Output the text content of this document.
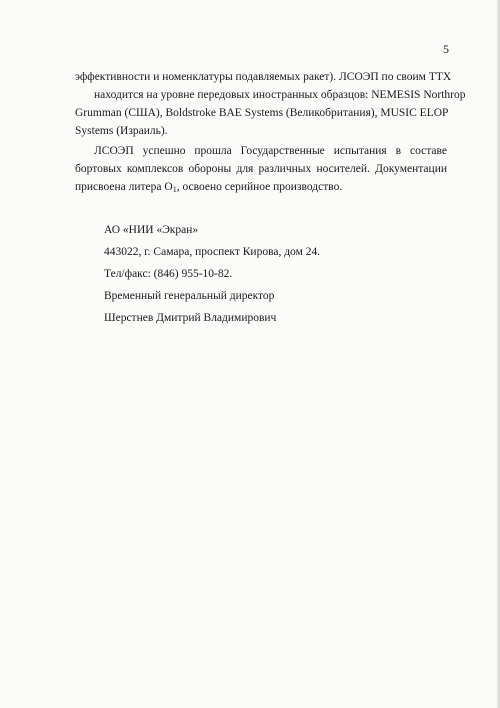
5
эффективности и номенклатуры подавляемых ракет). ЛСОЭП по своим ТТХ
находится на уровне передовых иностранных образцов: NEMESIS Northrop
Grumman (США), Boldstroke BAE Systems (Великобритания), MUSIC ELOP
Systems (Израиль).
ЛСОЭП успешно прошла Государственные испытания в составе
бортовых комплексов обороны для различных носителей. Документации
присвоена литера $О_1$, освоено серийное производство.
АО «НИИ «Экран»
443022, г. Самара, проспект Кирова, дом 24.
Тел/факс: (846) 955-10-82.
Временный генеральный директор
Шерстнев Дмитрий Владимирович
